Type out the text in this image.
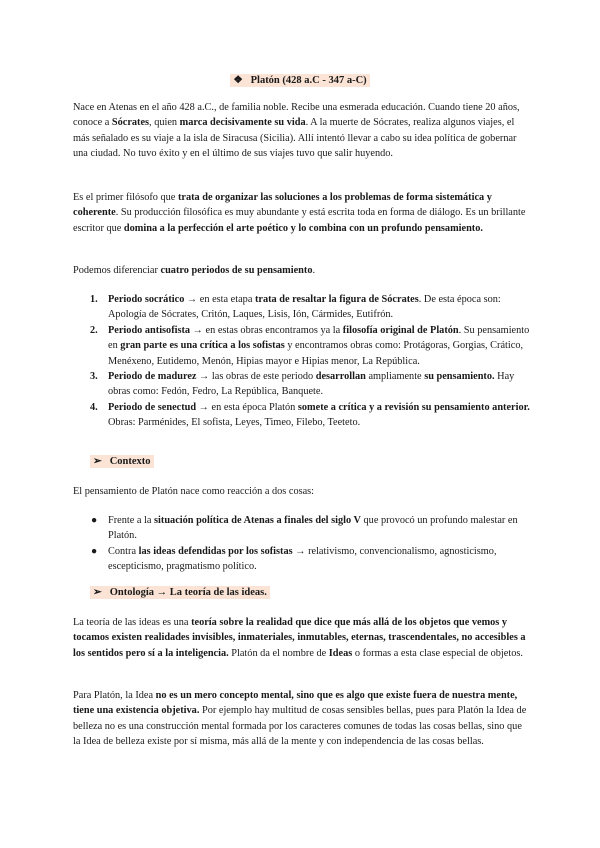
❖ Platón (428 a.C - 347 a-C)
Nace en Atenas en el año 428 a.C., de familia noble. Recibe una esmerada educación. Cuando tiene 20 años, conoce a Sócrates, quien marca decisivamente su vida. A la muerte de Sócrates, realiza algunos viajes, el más señalado es su viaje a la isla de Siracusa (Sicilia). Allí intentó llevar a cabo su idea política de gobernar una ciudad. No tuvo éxito y en el último de sus viajes tuvo que salir huyendo.
Es el primer filósofo que trata de organizar las soluciones a los problemas de forma sistemática y coherente. Su producción filosófica es muy abundante y está escrita toda en forma de diálogo. Es un brillante escritor que domina a la perfección el arte poético y lo combina con un profundo pensamiento.
Podemos diferenciar cuatro periodos de su pensamiento.
1. Periodo socrático → en esta etapa trata de resaltar la figura de Sócrates. De esta época son: Apología de Sócrates, Critón, Laques, Lisis, Ión, Cármides, Eutifrón.
2. Periodo antisofista → en estas obras encontramos ya la filosofía original de Platón. Su pensamiento en gran parte es una crítica a los sofistas y encontramos obras como: Protágoras, Gorgias, Crático, Menéxeno, Eutidemo, Menón, Hipias mayor e Hipias menor, La República.
3. Periodo de madurez → las obras de este periodo desarrollan ampliamente su pensamiento. Hay obras como: Fedón, Fedro, La República, Banquete.
4. Periodo de senectud → en esta época Platón somete a crítica y a revisión su pensamiento anterior. Obras: Parménides, El sofista, Leyes, Timeo, Filebo, Teeteto.
➢ Contexto
El pensamiento de Platón nace como reacción a dos cosas:
● Frente a la situación política de Atenas a finales del siglo V que provocó un profundo malestar en Platón.
● Contra las ideas defendidas por los sofistas → relativismo, convencionalismo, agnosticismo, escepticismo, pragmatismo político.
➢ Ontología → La teoría de las ideas.
La teoría de las ideas es una teoría sobre la realidad que dice que más allá de los objetos que vemos y tocamos existen realidades invisibles, inmateriales, inmutables, eternas, trascendentales, no accesibles a los sentidos pero sí a la inteligencia. Platón da el nombre de Ideas o formas a esta clase especial de objetos.
Para Platón, la Idea no es un mero concepto mental, sino que es algo que existe fuera de nuestra mente, tiene una existencia objetiva. Por ejemplo hay multitud de cosas sensibles bellas, pues para Platón la Idea de belleza no es una construcción mental formada por los caracteres comunes de todas las cosas bellas, sino que la Idea de belleza existe por sí misma, más allá de la mente y con independencia de las cosas bellas.
